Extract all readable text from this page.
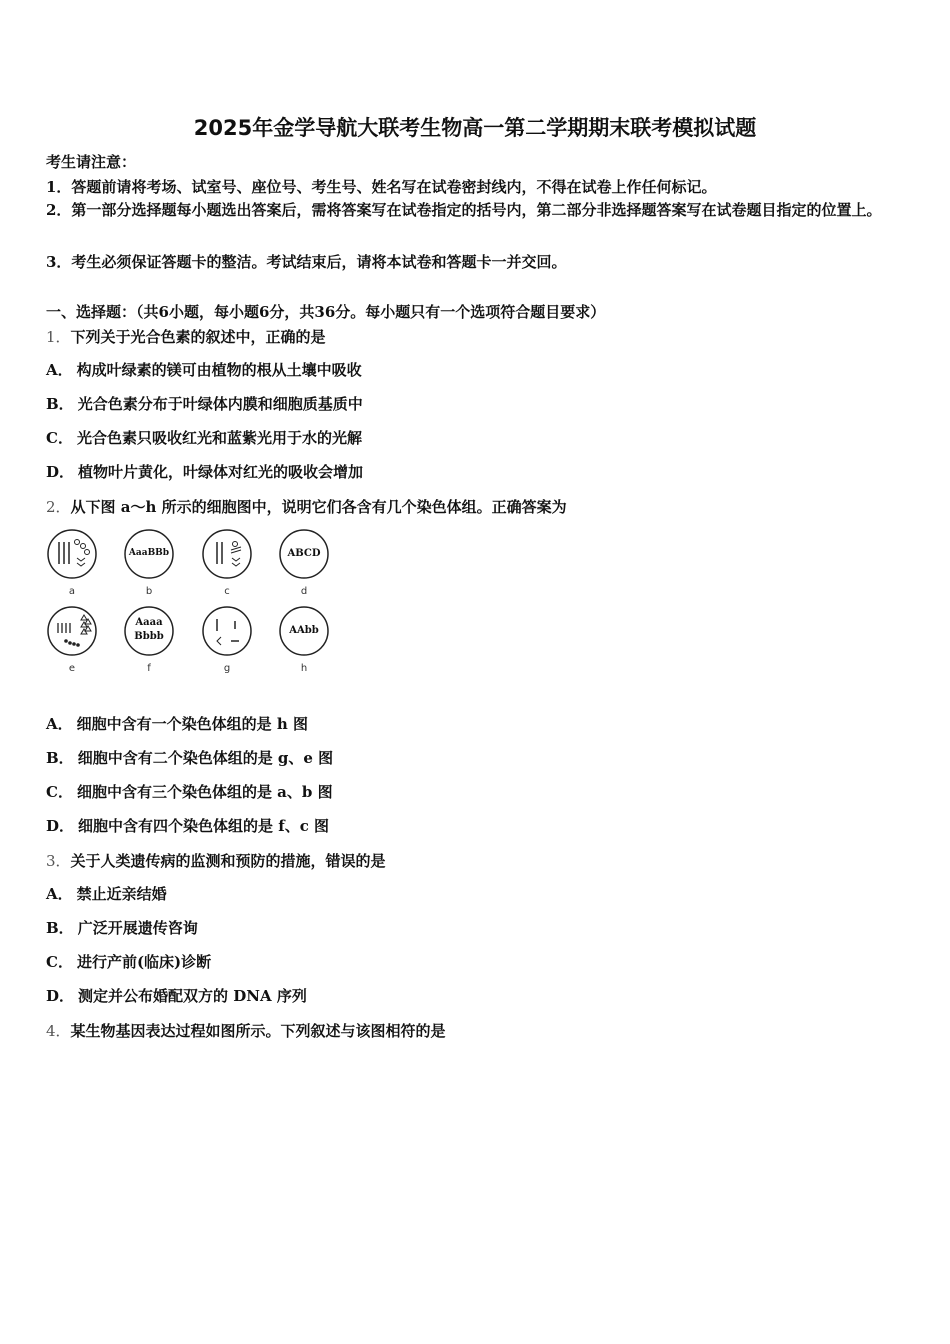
2025年金学导航大联考生物高一第二学期期末联考模拟试题
考生请注意：
1．答题前请将考场、试室号、座位号、考生号、姓名写在试卷密封线内，不得在试卷上作任何标记。
2．第一部分选择题每小题选出答案后，需将答案写在试卷指定的括号内，第二部分非选择题答案写在试卷题目指定的位置上。
3．考生必须保证答题卡的整洁。考试结束后，请将本试卷和答题卡一并交回。
一、选择题：（共6小题，每小题6分，共36分。每小题只有一个选项符合题目要求）
1．下列关于光合色素的叙述中，正确的是
A． 构成叶绿素的镁可由植物的根从土壤中吸收
B． 光合色素分布于叶绿体内膜和细胞质基质中
C． 光合色素只吸收红光和蓝紫光用于水的光解
D． 植物叶片黄化，叶绿体对红光的吸收会增加
2．从下图 a～h 所示的细胞图中，说明它们各含有几个染色体组。正确答案为
a
AaaBBb
b	c
ABCD
d
e
Aaaa
Bbbb
f	g
AAbb
h
A． 细胞中含有一个染色体组的是 h 图
B． 细胞中含有二个染色体组的是 g、e 图
C． 细胞中含有三个染色体组的是 a、b 图
D． 细胞中含有四个染色体组的是 f、c 图
3．关于人类遗传病的监测和预防的措施，错误的是
A． 禁止近亲结婚
B． 广泛开展遗传咨询
C． 进行产前(临床)诊断
D． 测定并公布婚配双方的 DNA 序列
4．某生物基因表达过程如图所示。下列叙述与该图相符的是
